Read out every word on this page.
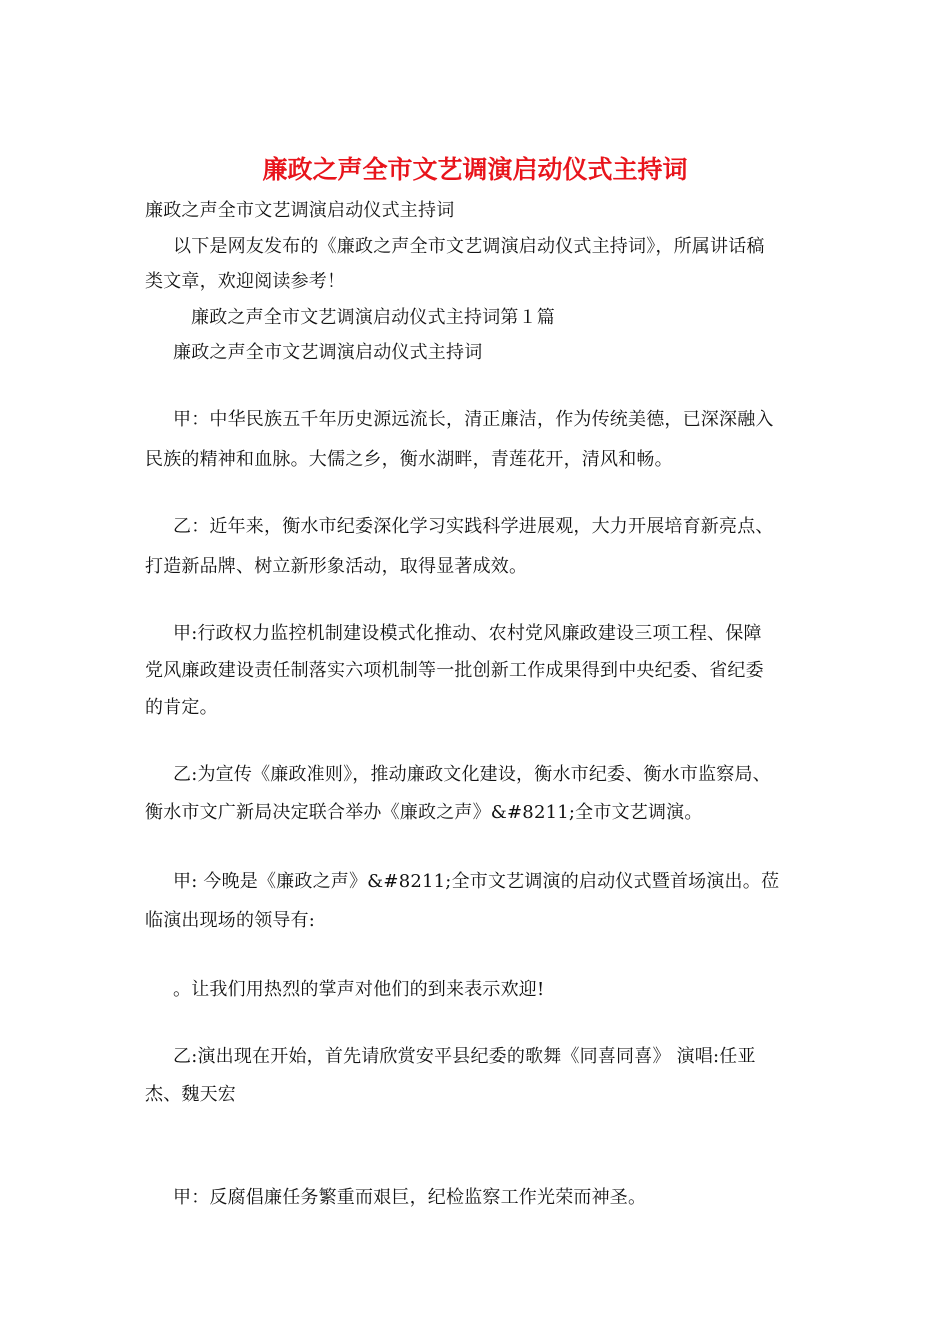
廉政之声全市文艺调演启动仪式主持词
廉政之声全市文艺调演启动仪式主持词
以下是网友发布的《廉政之声全市文艺调演启动仪式主持词》，所属讲话稿
类文章，欢迎阅读参考！
廉政之声全市文艺调演启动仪式主持词第１篇
廉政之声全市文艺调演启动仪式主持词
甲：中华民族五千年历史源远流长，清正廉洁，作为传统美德，已深深融入
民族的精神和血脉。大儒之乡，衡水湖畔，青莲花开，清风和畅。
乙：近年来，衡水市纪委深化学习实践科学进展观，大力开展培育新亮点、
打造新品牌、树立新形象活动，取得显著成效。
甲:行政权力监控机制建设模式化推动、农村党风廉政建设三项工程、保障
党风廉政建设责任制落实六项机制等一批创新工作成果得到中央纪委、省纪委
的肯定。
乙:为宣传《廉政准则》，推动廉政文化建设，衡水市纪委、衡水市监察局、
衡水市文广新局决定联合举办《廉政之声》&#8211;全市文艺调演。
甲: 今晚是《廉政之声》&#8211;全市文艺调演的启动仪式暨首场演出。莅
临演出现场的领导有:
。让我们用热烈的掌声对他们的到来表示欢迎!
乙:演出现在开始，首先请欣赏安平县纪委的歌舞《同喜同喜》 演唱:任亚
杰、魏天宏
甲：反腐倡廉任务繁重而艰巨，纪检监察工作光荣而神圣。
